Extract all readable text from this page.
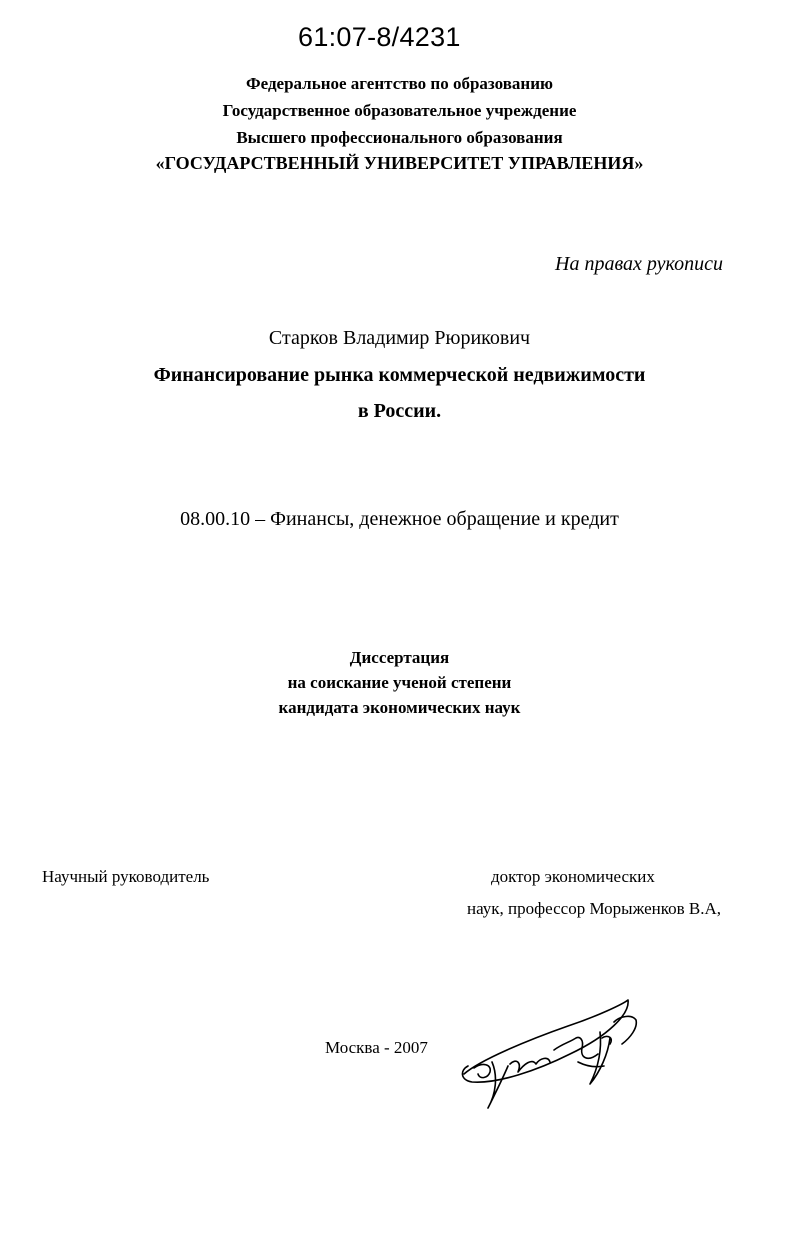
61:07-8/4231
Федеральное агентство по образованию
Государственное образовательное учреждение
Высшего профессионального образования
«ГОСУДАРСТВЕННЫЙ УНИВЕРСИТЕТ УПРАВЛЕНИЯ»
На правах рукописи
Старков Владимир Рюрикович
Финансирование рынка коммерческой недвижимости
в России.
08.00.10 – Финансы, денежное обращение и кредит
Диссертация
на соискание ученой степени
кандидата экономических наук
Научный руководитель	доктор экономических
наук, профессор Морыженков В.А,
Москва - 2007
